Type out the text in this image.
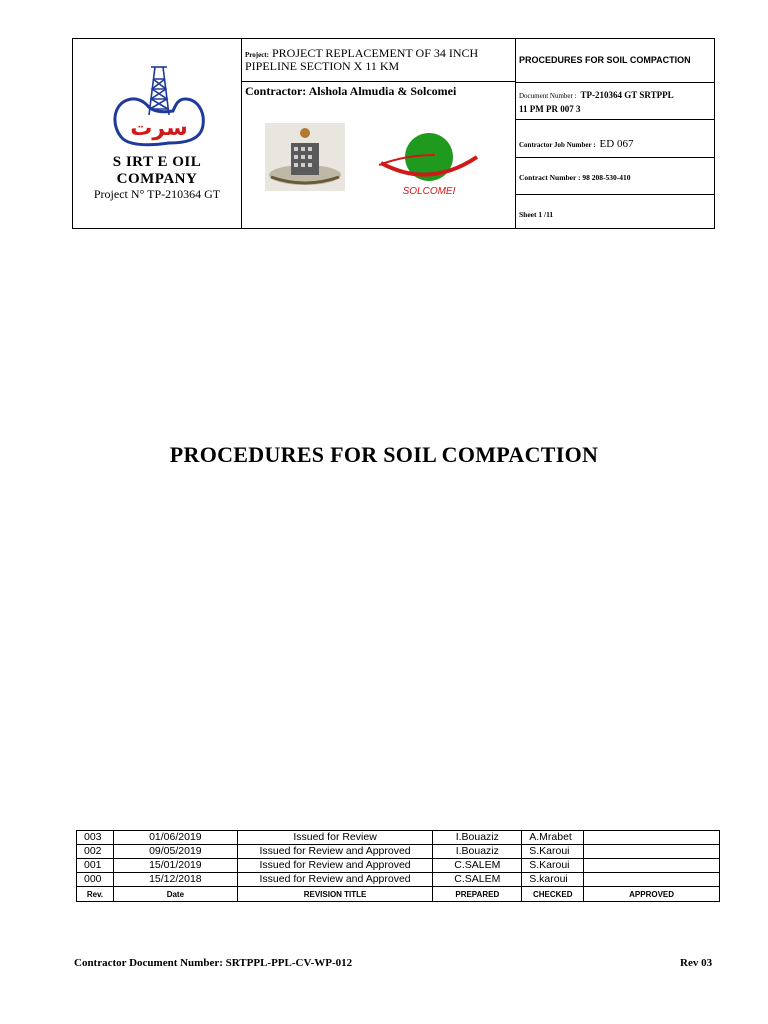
سرت
S IRT E OIL
COMPANY
Project N° TP-210364 GT
Project: PROJECT REPLACEMENT OF 34 INCH
PIPELINE SECTION X 11 KM
Contractor: Alshola Almudia & Solcomei
SOLCOMEI
PROCEDURES FOR SOIL COMPACTION
Document Number : TP-210364 GT SRTPPL
11 PM PR 007 3
Contractor Job Number : ED 067
Contract Number : 98 208-530-410
Sheet 1 /11
PROCEDURES FOR SOIL COMPACTION
003	01/06/2019	Issued for Review	I.Bouaziz	A.Mrabet	
002	09/05/2019	Issued for Review and Approved	I.Bouaziz	S.Karoui	
001	15/01/2019	Issued for Review and Approved	C.SALEM	S.Karoui	
000	15/12/2018	Issued for Review and Approved	C.SALEM	S.karoui	
Rev.	Date	REVISION TITLE	PREPARED	CHECKED	APPROVED
Contractor Document Number: SRTPPL-PPL-CV-WP-012	Rev 03
